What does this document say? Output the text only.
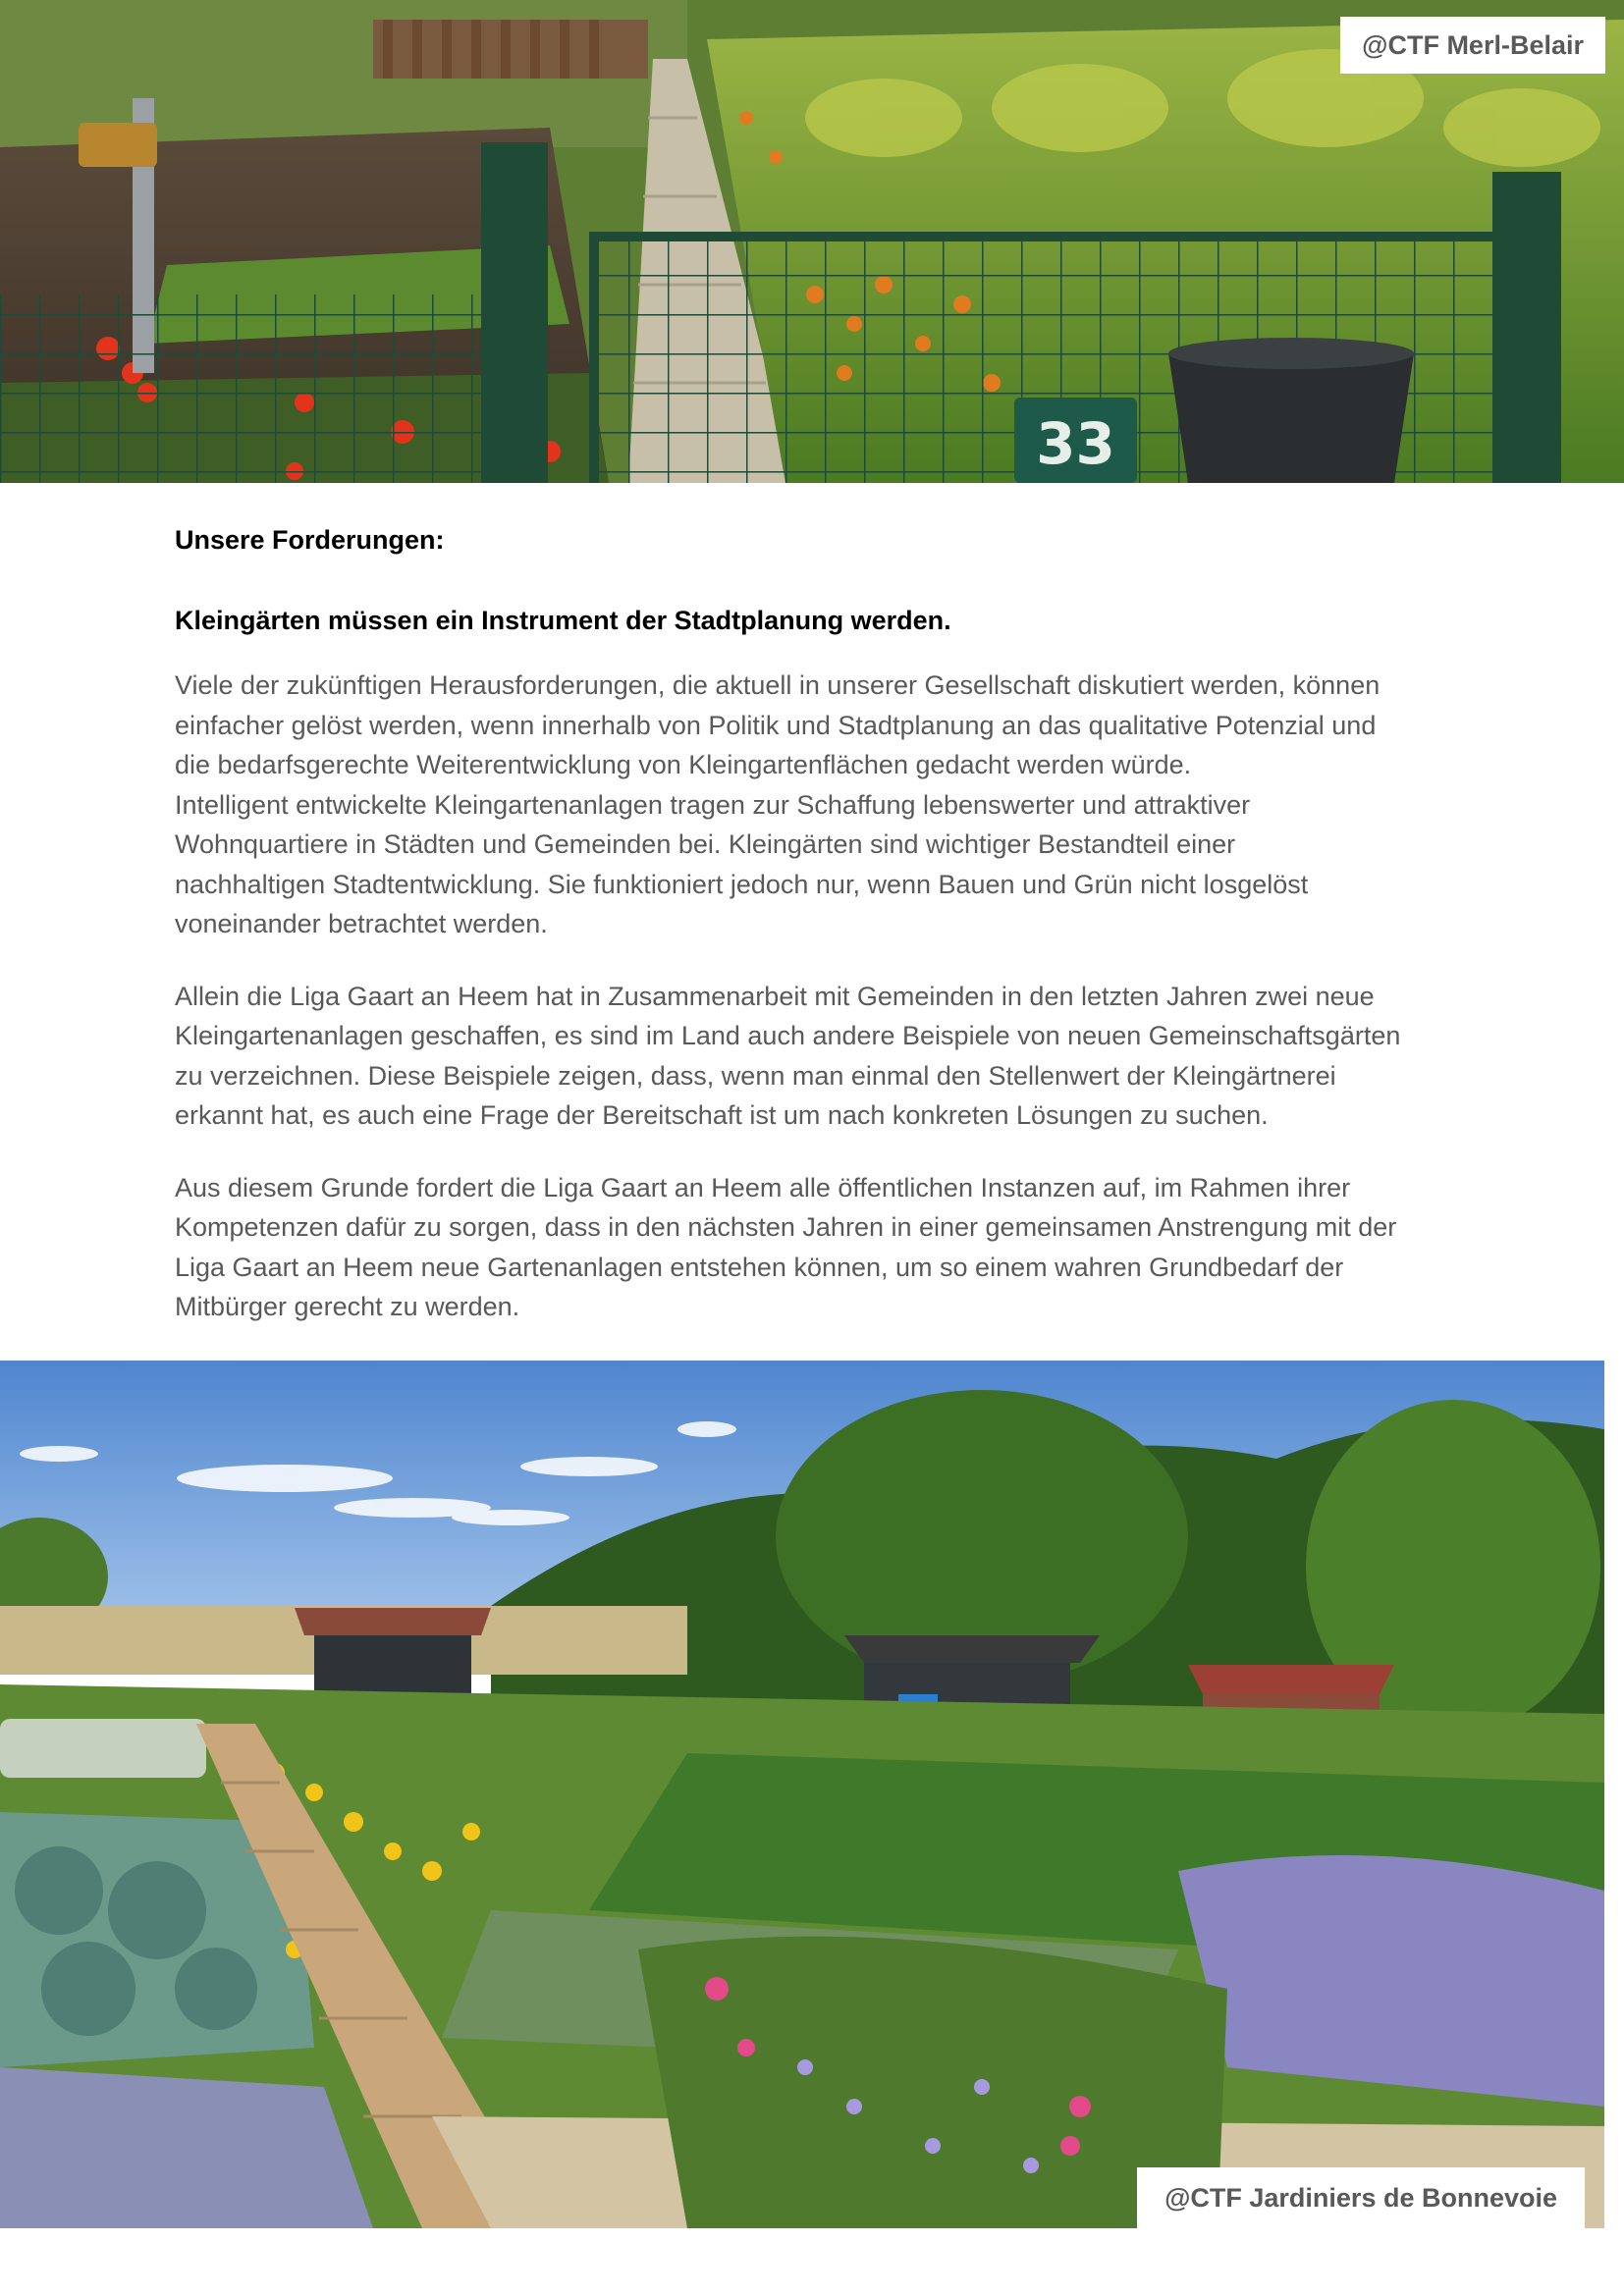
33
@CTF Merl-Belair
Unsere Forderungen:
Kleingärten müssen ein Instrument der Stadtplanung werden.

Viele der zukünftigen Herausforderungen, die aktuell in unserer Gesellschaft diskutiert werden, können
einfacher gelöst werden, wenn innerhalb von Politik und Stadtplanung an das qualitative Potenzial und
die bedarfsgerechte Weiterentwicklung von Kleingartenflächen gedacht werden würde.
Intelligent entwickelte Kleingartenanlagen tragen zur Schaffung lebenswerter und attraktiver
Wohnquartiere in Städten und Gemeinden bei. Kleingärten sind wichtiger Bestandteil einer
nachhaltigen Stadtentwicklung. Sie funktioniert jedoch nur, wenn Bauen und Grün nicht losgelöst
voneinander betrachtet werden.

Allein die Liga Gaart an Heem hat in Zusammenarbeit mit Gemeinden in den letzten Jahren zwei neue
Kleingartenanlagen geschaffen, es sind im Land auch andere Beispiele von neuen Gemeinschaftsgärten
zu verzeichnen. Diese Beispiele zeigen, dass, wenn man einmal den Stellenwert der Kleingärtnerei
erkannt hat, es auch eine Frage der Bereitschaft ist um nach konkreten Lösungen zu suchen.

Aus diesem Grunde fordert die Liga Gaart an Heem alle öffentlichen Instanzen auf, im Rahmen ihrer
Kompetenzen dafür zu sorgen, dass in den nächsten Jahren in einer gemeinsamen Anstrengung mit der
Liga Gaart an Heem neue Gartenanlagen entstehen können, um so einem wahren Grundbedarf der
Mitbürger gerecht zu werden.

@CTF Jardiniers de Bonnevoie
